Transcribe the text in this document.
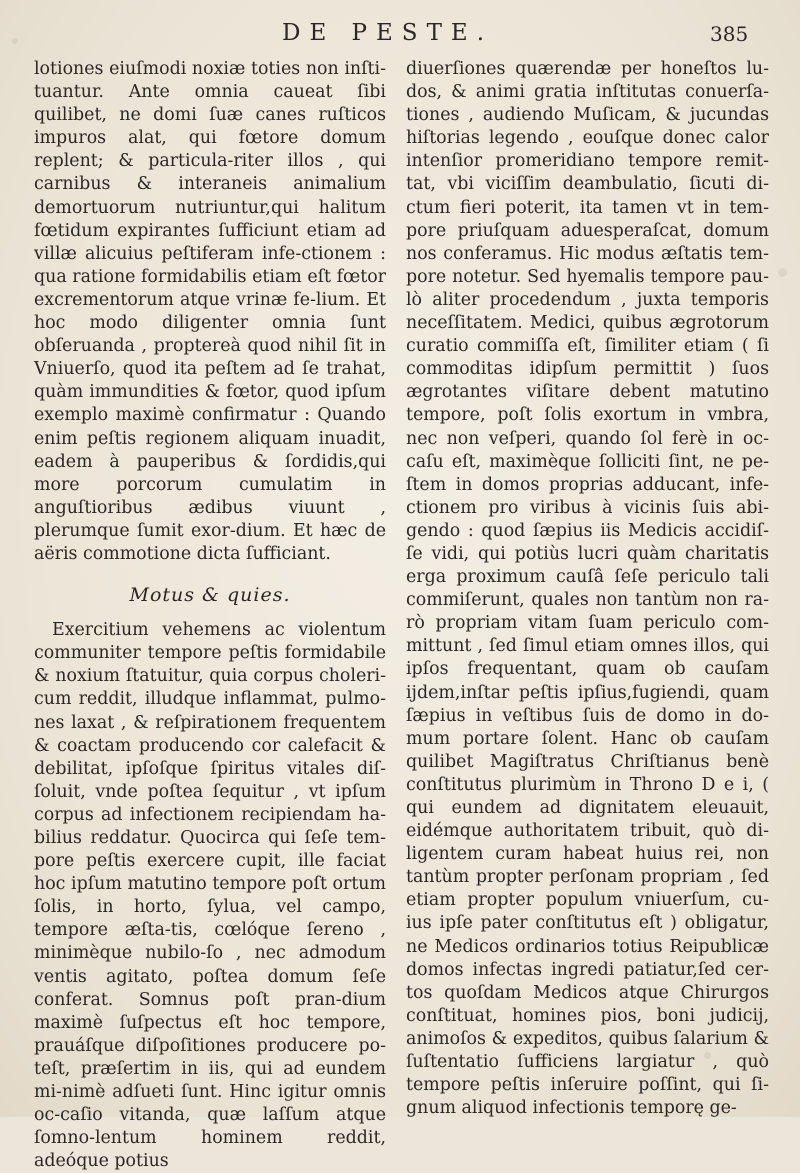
DE PESTE.	385

lotiones eiuſmodi noxiæ toties non inſti-tuantur. Ante omnia caueat ſibi quilibet, ne domi ſuæ canes ruſticos impuros alat, qui fœtore domum replent; & particula-riter illos , qui carnibus & interaneis animalium demortuorum nutriuntur,qui halitum fœtidum expirantes ſufficiunt etiam ad villæ alicuius peſtiferam infe-ctionem : qua ratione formidabilis etiam eſt fœtor excrementorum atque vrinæ fe-lium. Et hoc modo diligenter omnia ſunt obſeruanda , proptereà quod nihil ſit in Vniuerſo, quod ita peſtem ad ſe trahat, quàm immundities & fœtor, quod ipſum exemplo maximè confirmatur : Quando enim peſtis regionem aliquam inuadit, eadem à pauperibus & ſordidis,qui more porcorum cumulatim in anguſtioribus ædibus viuunt , plerumque ſumit exor-dium. Et hæc de aëris commotione dicta ſufficiant.

Motus & quies.

Exercitium vehemens ac violentum communiter tempore peſtis formidabile & noxium ſtatuitur, quia corpus choleri-cum reddit, illudque inflammat, pulmo-nes laxat , & reſpirationem frequentem & coactam producendo cor calefacit & debilitat, ipſoſque ſpiritus vitales diſ-ſoluit, vnde poſtea ſequitur , vt ipſum corpus ad infectionem recipiendam ha-bilius reddatur. Quocirca qui ſeſe tem-pore peſtis exercere cupit, ille faciat hoc ipſum matutino tempore poſt ortum ſolis, in horto, ſylua, vel campo, tempore æſta-tis, cœlóque ſereno , minimèque nubilo-ſo , nec admodum ventis agitato, poſtea domum ſeſe conferat. Somnus poſt pran-dium maximè ſuſpectus eſt hoc tempore, prauáſque diſpoſitiones producere po-teſt, præſertim in iis, qui ad eundem mi-nimè adſueti ſunt. Hinc igitur omnis oc-caſio vitanda, quæ laſſum atque ſomno-lentum hominem reddit, adeóque potius

diuerſiones quærendæ per honeſtos lu-dos, & animi gratia inſtitutas conuerſa-tiones , audiendo Muſicam, & jucundas hiſtorias legendo , eouſque donec calor intenſior promeridiano tempore remit-tat, vbi viciſſim deambulatio, ſicuti di-ctum fieri poterit, ita tamen vt in tem-pore priuſquam aduesperaſcat, domum nos conferamus. Hic modus æſtatis tem-pore notetur. Sed hyemalis tempore pau-lò aliter procedendum , juxta temporis neceſſitatem. Medici, quibus ægrotorum curatio commiſſa eſt, ſimiliter etiam ( ſi commoditas idipſum permittit ) ſuos ægrotantes viſitare debent matutino tempore, poſt ſolis exortum in vmbra, nec non veſperi, quando ſol ferè in oc-caſu eſt, maximèque ſolliciti ſint, ne pe-ſtem in domos proprias adducant, infe-ctionem pro viribus à vicinis ſuis abi-gendo : quod ſæpius iis Medicis accidiſ-ſe vidi, qui potiùs lucri quàm charitatis erga proximum cauſâ ſeſe periculo tali commiſerunt, quales non tantùm non ra-rò propriam vitam ſuam periculo com-mittunt , ſed ſimul etiam omnes illos, qui ipſos frequentant, quam ob cauſam ijdem,inſtar peſtis ipſius,fugiendi, quam ſæpius in veſtibus ſuis de domo in do-mum portare ſolent. Hanc ob cauſam quilibet Magiſtratus Chriſtianus benè conſtitutus plurimùm in Throno D e i, ( qui eundem ad dignitatem eleuauit, eidémque authoritatem tribuit, quò di-ligentem curam habeat huius rei, non tantùm propter perſonam propriam , ſed etiam propter populum vniuerſum, cu-ius ipſe pater conſtitutus eſt ) obligatur, ne Medicos ordinarios totius Reipublicæ domos infectas ingredi patiatur,ſed cer-tos quoſdam Medicos atque Chirurgos conſtituat, homines pios, boni judicij, animoſos & expeditos, quibus ſalarium & ſuſtentatio ſufficiens largiatur , quò tempore peſtis inſeruire poſſint, qui ſi-gnum aliquod infectionis temporę ge-
